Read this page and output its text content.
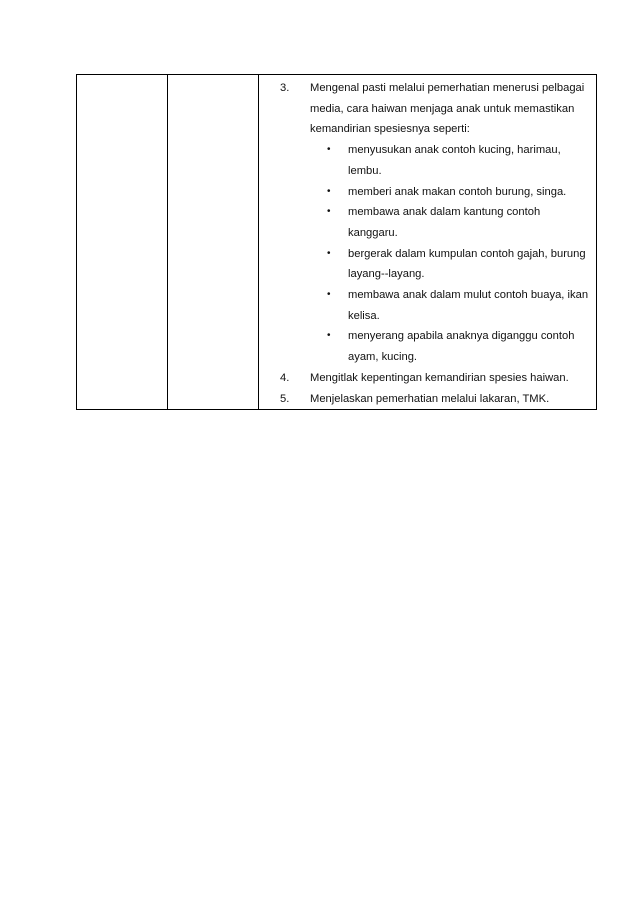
3. Mengenal pasti melalui pemerhatian menerusi pelbagai media, cara haiwan menjaga anak untuk memastikan kemandirian spesiesnya seperti:
• menyusukan anak contoh kucing, harimau, lembu.
• memberi anak makan contoh burung, singa.
• membawa anak dalam kantung contoh kanggaru.
• bergerak dalam kumpulan contoh gajah, burung layang--layang.
• membawa anak dalam mulut contoh buaya, ikan kelisa.
• menyerang apabila anaknya diganggu contoh ayam, kucing.
4. Mengitlak kepentingan kemandirian spesies haiwan.
5. Menjelaskan pemerhatian melalui lakaran, TMK.
